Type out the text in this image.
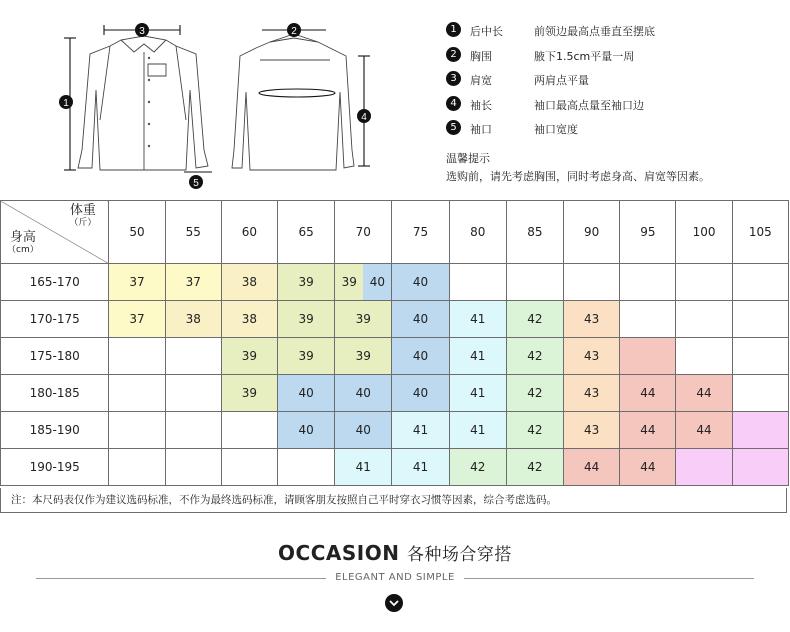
1
2
3
4
5
1	后中长	前领边最高点垂直至摆底
2	胸围	腋下1.5cm平量一周
3	肩宽	两肩点平量
4	袖长	袖口最高点量至袖口边
5	袖口	袖口宽度
温馨提示
选购前，请先考虑胸围，同时考虑身高、肩宽等因素。
体重
（斤）
身高
（cm）	50	55	60	65	70	75	80	85	90	95	100	105
165-170	37	37	38	39	39 40	40						
170-175	37	38	38	39	39	40	41	42	43			
175-180			39	39	39	40	41	42	43			
180-185			39	40	40	40	41	42	43	44	44	
185-190				40	40	41	41	42	43	44	44	
190-195					41	41	42	42	44	44		
注：本尺码表仅作为建议选码标准，不作为最终选码标准，请顾客朋友按照自己平时穿衣习惯等因素，综合考虑选码。
OCCASION 各种场合穿搭
ELEGANT AND SIMPLE
